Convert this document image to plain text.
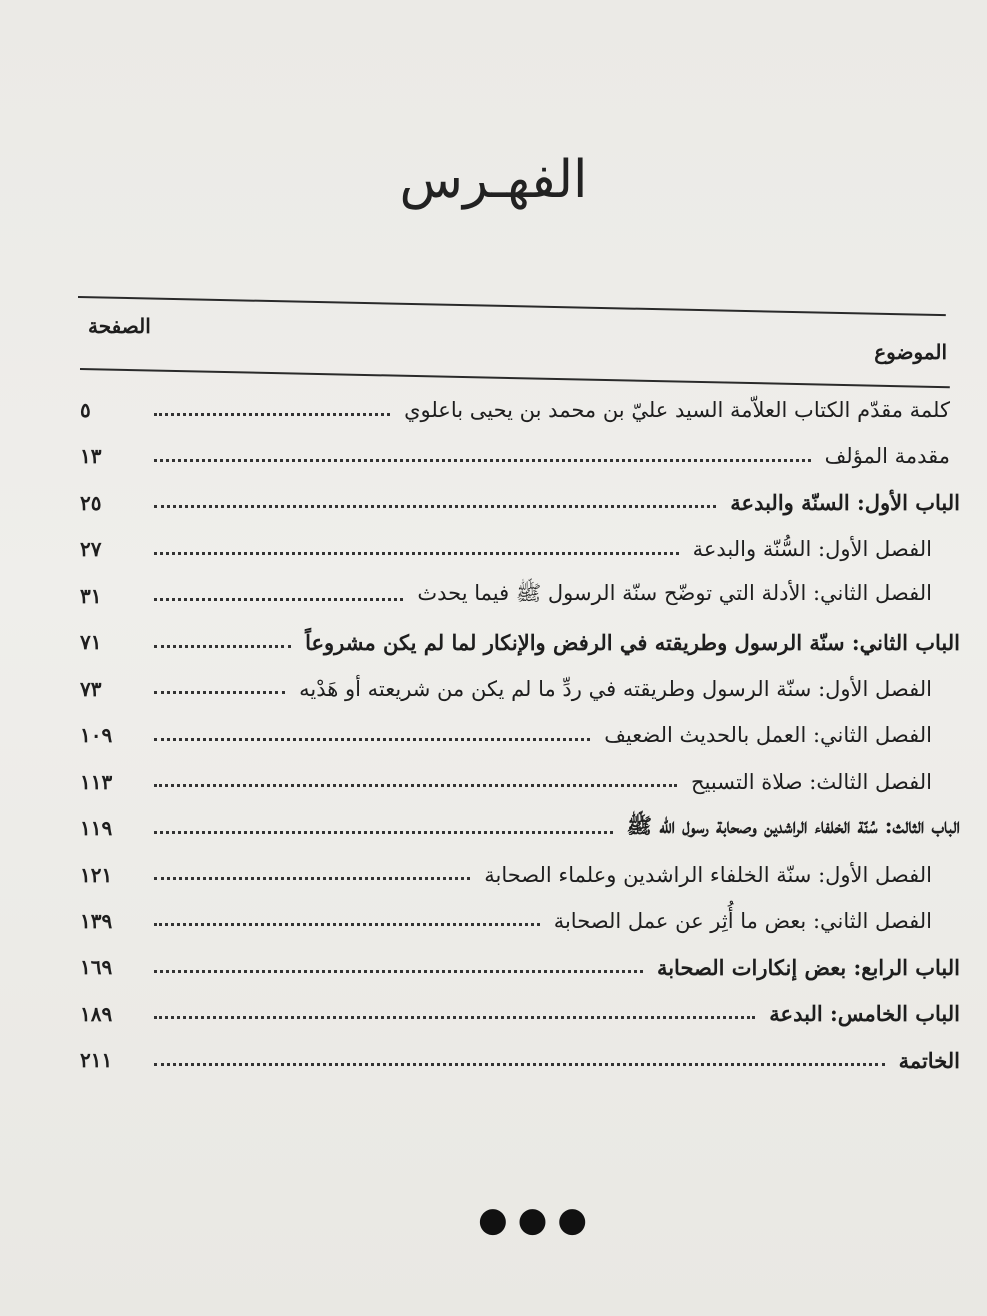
الفهـرس
الصفحة
الموضوع
كلمة مقدّم الكتاب العلاّمة السيد عليّ بن محمد بن يحيى باعلوي
٥
مقدمة المؤلف
١٣
الباب الأول: السنّة والبدعة
٢٥
الفصل الأول: السُّنّة والبدعة
٢٧
الفصل الثاني: الأدلة التي توضّح سنّة الرسول ﷺ فيما يحدث
٣١
الباب الثاني: سنّة الرسول وطريقته في الرفض والإنكار لما لم يكن مشروعاً
٧١
الفصل الأول: سنّة الرسول وطريقته في ردِّ ما لم يكن من شريعته أو هَدْيه
٧٣
الفصل الثاني: العمل بالحديث الضعيف
١٠٩
الفصل الثالث: صلاة التسبيح
١١٣
الباب الثالث: سُنّة الخلفاء الراشدين وصحابة رسول الله ﷺ
١١٩
الفصل الأول: سنّة الخلفاء الراشدين وعلماء الصحابة
١٢١
الفصل الثاني: بعض ما أُثِر عن عمل الصحابة
١٣٩
الباب الرابع: بعض إنكارات الصحابة
١٦٩
الباب الخامس: البدعة
١٨٩
الخاتمة
٢١١
●●●
